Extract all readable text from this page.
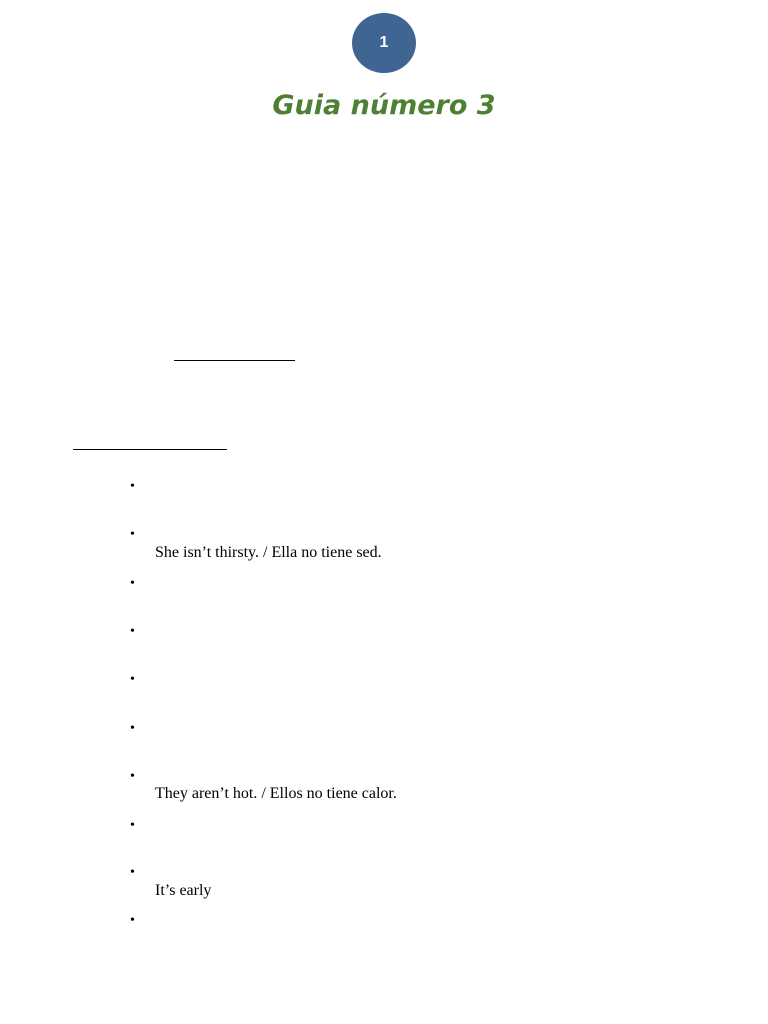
1
Guia número 3
•
•
She isn’t thirsty. / Ella no tiene sed.
•
•
•
•
•
They aren’t hot. / Ellos no tiene calor.
•
•
It’s early
•
